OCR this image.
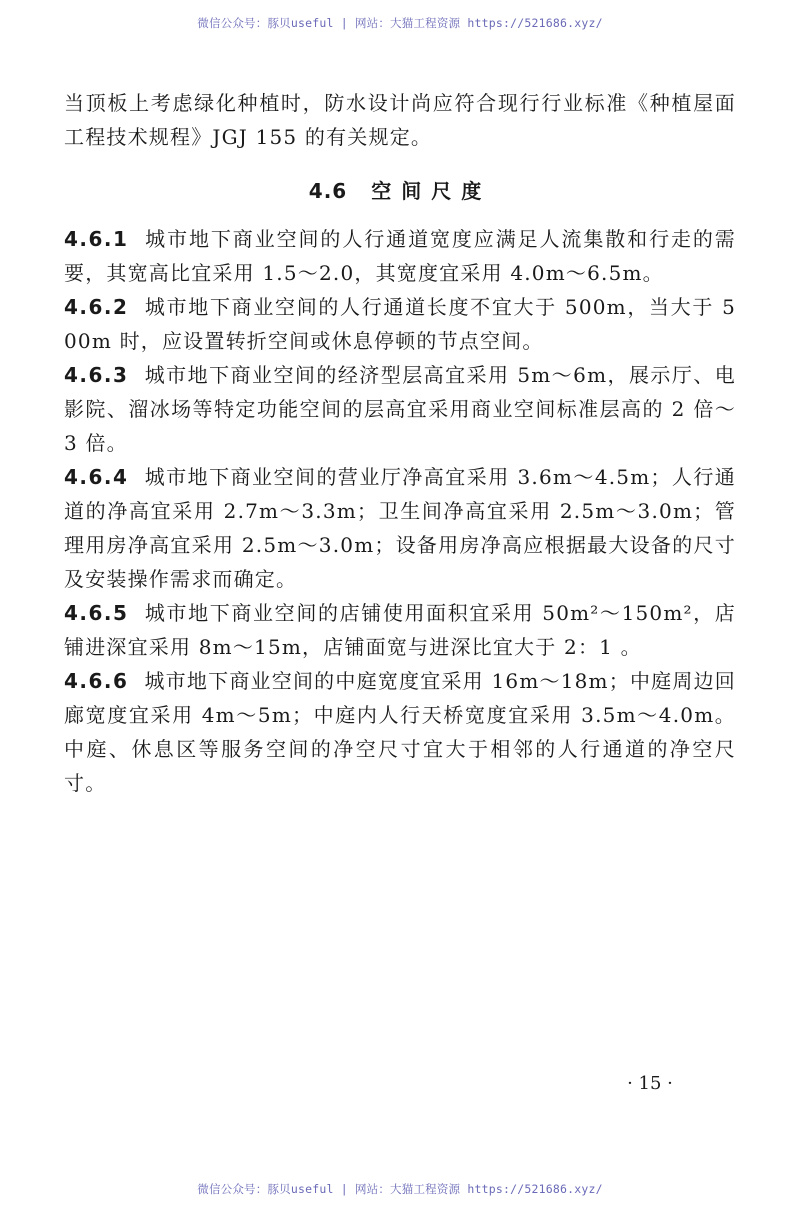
微信公众号：豚贝useful | 网站：大猫工程资源 https://521686.xyz/

当顶板上考虑绿化种植时，防水设计尚应符合现行行业标准《种植屋面工程技术规程》JGJ 155 的有关规定。

4.6 空间尺度

4.6.1 城市地下商业空间的人行通道宽度应满足人流集散和行走的需要，其宽高比宜采用 1.5～2.0，其宽度宜采用 4.0m～6.5m。

4.6.2 城市地下商业空间的人行通道长度不宜大于 500m，当大于 500m 时，应设置转折空间或休息停顿的节点空间。

4.6.3 城市地下商业空间的经济型层高宜采用 5m～6m，展示厅、电影院、溜冰场等特定功能空间的层高宜采用商业空间标准层高的 2 倍～3 倍。

4.6.4 城市地下商业空间的营业厅净高宜采用 3.6m～4.5m；人行通道的净高宜采用 2.7m～3.3m；卫生间净高宜采用 2.5m～3.0m；管理用房净高宜采用 2.5m～3.0m；设备用房净高应根据最大设备的尺寸及安装操作需求而确定。

4.6.5 城市地下商业空间的店铺使用面积宜采用 50m²～150m²，店铺进深宜采用 8m～15m，店铺面宽与进深比宜大于 2：1 。

4.6.6 城市地下商业空间的中庭宽度宜采用 16m～18m；中庭周边回廊宽度宜采用 4m～5m；中庭内人行天桥宽度宜采用 3.5m～4.0m。中庭、休息区等服务空间的净空尺寸宜大于相邻的人行通道的净空尺寸。

· 15 ·
微信公众号：豚贝useful | 网站：大猫工程资源 https://521686.xyz/
